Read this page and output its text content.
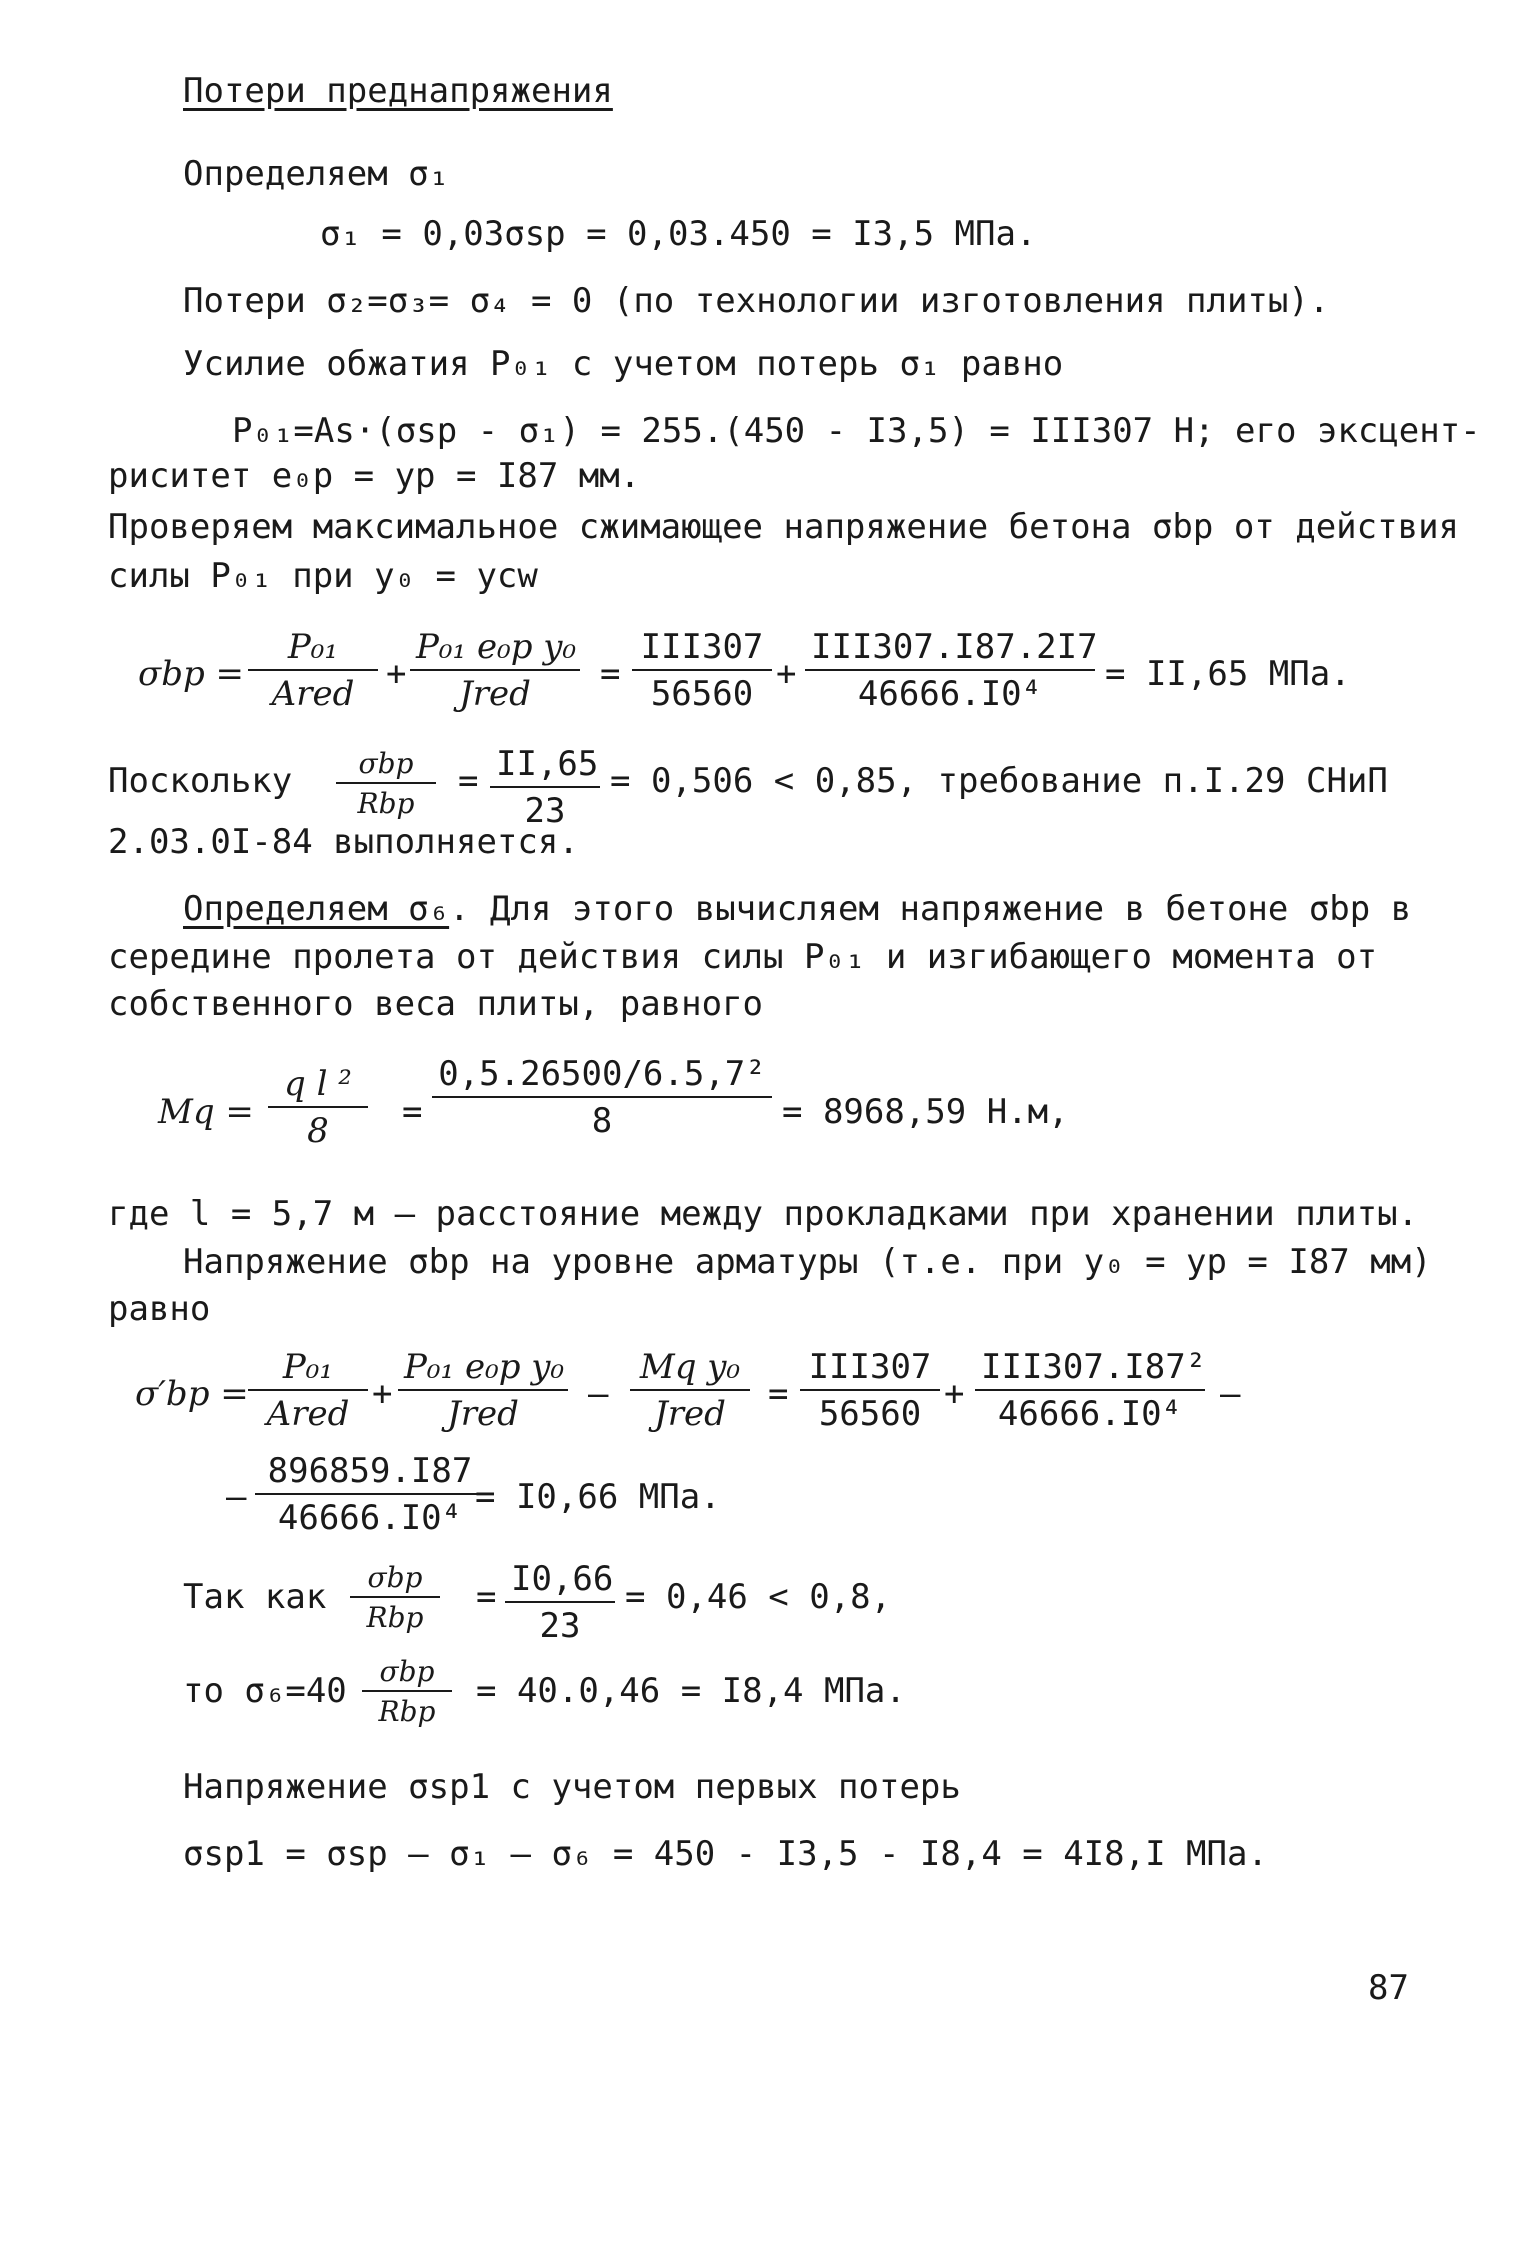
Потери преднапряжения
Определяем σ₁
σ₁ = 0,03σsp = 0,03.450 = I3,5 МПа.
Потери σ₂=σ₃= σ₄ = 0 (по технологии изготовления плиты).
Усилие обжатия P₀₁ с учетом потерь σ₁ равно
P₀₁=As·(σsp - σ₁) = 255.(450 - I3,5) = III307 Н; его эксцент-
риситет e₀p = yp = I87 мм.
Проверяем максимальное сжимающее напряжение бетона σbp от действия
силы P₀₁ при y₀ = ycw
σbp =
P₀₁
Ared
+
P₀₁ e₀p y₀
Jred
=
III307
56560
+
III307.I87.2I7
46666.I0⁴
= II,65 МПа.
Поскольку	σbp
Rbp
= $\frac{II,65}{23} = 0,506 < 0,85$, требование п.I.29 СНиП
2.03.0I-84 выполняется.
Определяем σ₆. Для этого вычисляем напряжение в бетоне σbp в
середине пролета от действия силы P₀₁ и изгибающего момента от
собственного веса плиты, равного
$Mq = \frac{\text{q l ²}}{8} = \frac{\text{0,5.26500/6.5,7²}}{8} = 8968,59$ Н.м,
где l = 5,7 м – расстояние между прокладками при хранении плиты.
Напряжение σbp на уровне арматуры (т.е. при y₀ = yp = I87 мм)
равно
σ′bp =
P₀₁
Ared
+
P₀₁ e₀p y₀
Jred
–
Mq y₀
Jred
=
III307
56560
+
III307.I87²
46666.I0⁴
–
– $\frac{896859.I87}{\text{46666.I0⁴}}$
= I0,66 МПа.
Так как	σbp
Rbp
= $\frac{I0,66}{23} = 0,46 < 0,8$,
то σ₆=40	σbp
Rbp
= 40.0,46 = I8,4 МПа.
Напряжение σsp1 с учетом первых потерь
σsp1 = σsp – σ₁ – σ₆ = 450 - I3,5 - I8,4 = 4I8,I МПа.
87
